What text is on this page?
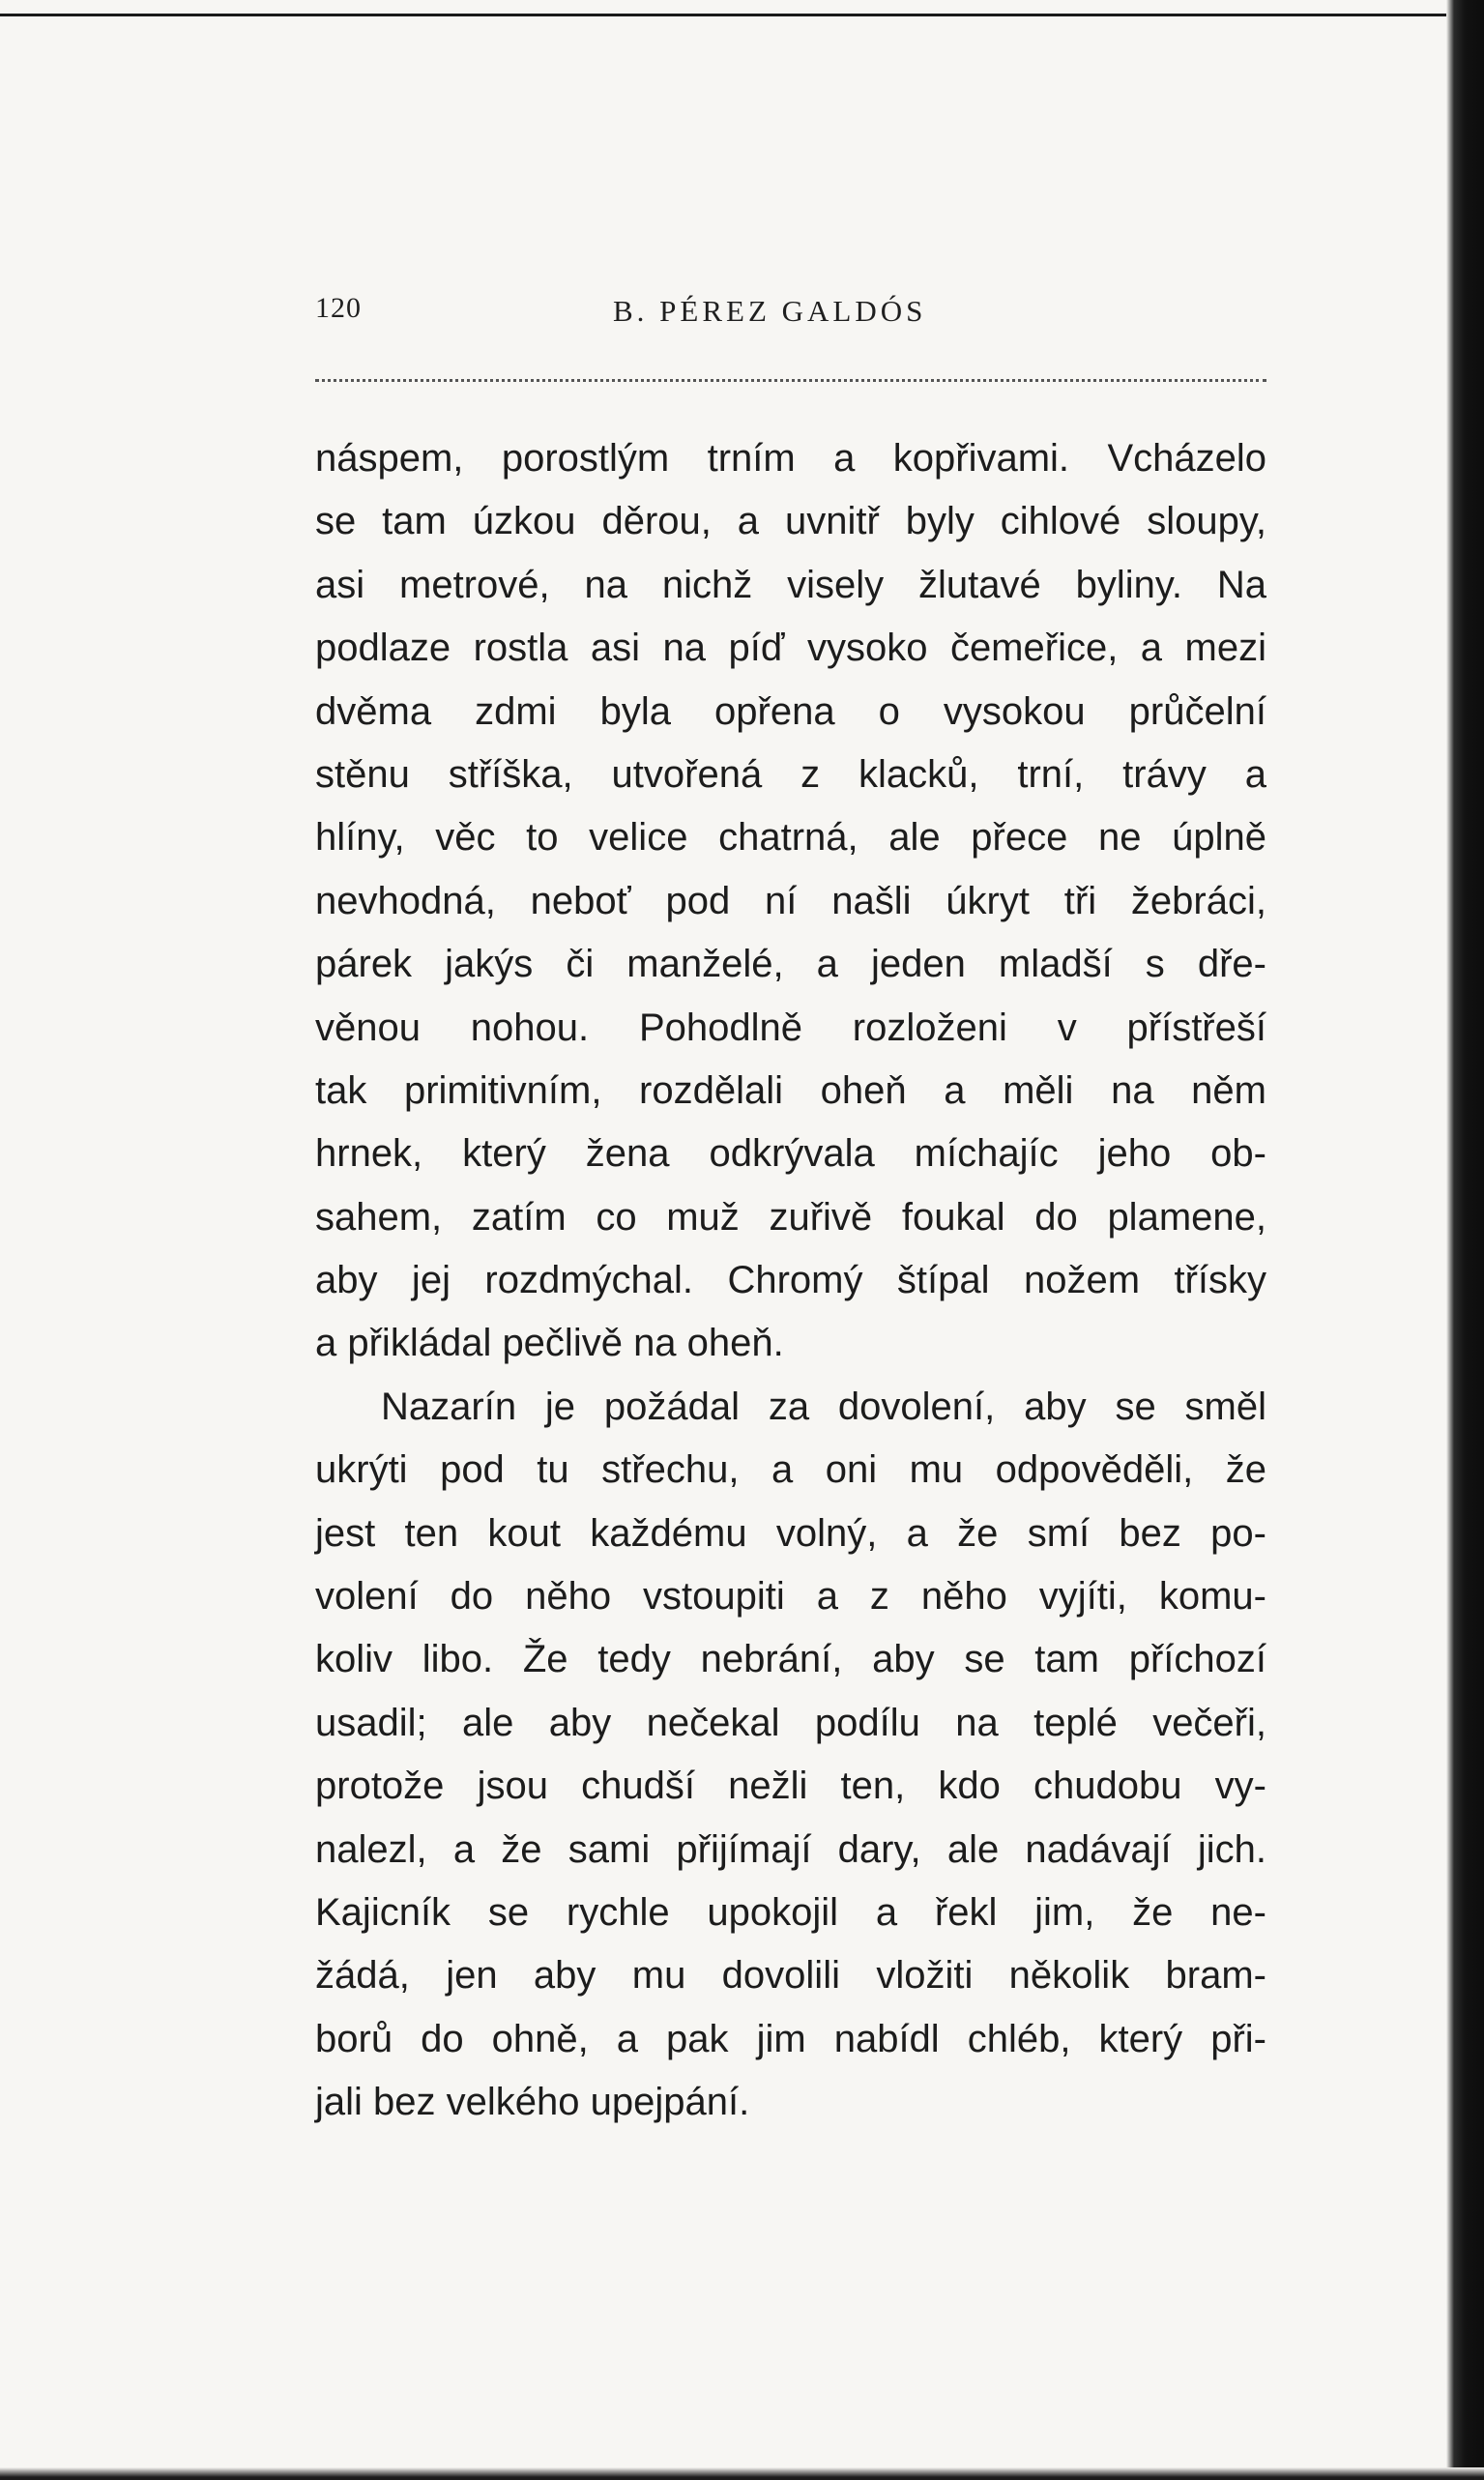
120	B. PÉREZ GALDÓS
náspem, porostlým trním a kopřivami. Vcházelo
se tam úzkou děrou, a uvnitř byly cihlové sloupy,
asi metrové, na nichž visely žlutavé byliny. Na
podlaze rostla asi na píď vysoko čemeřice, a mezi
dvěma zdmi byla opřena o vysokou průčelní
stěnu stříška, utvořená z klacků, trní, trávy a
hlíny, věc to velice chatrná, ale přece ne úplně
nevhodná, neboť pod ní našli úkryt tři žebráci,
párek jakýs či manželé, a jeden mladší s dře-
věnou nohou. Pohodlně rozloženi v přístřeší
tak primitivním, rozdělali oheň a měli na něm
hrnek, který žena odkrývala míchajíc jeho ob-
sahem, zatím co muž zuřivě foukal do plamene,
aby jej rozdmýchal. Chromý štípal nožem třísky
a přikládal pečlivě na oheň.
Nazarín je požádal za dovolení, aby se směl
ukrýti pod tu střechu, a oni mu odpověděli, že
jest ten kout každému volný, a že smí bez po-
volení do něho vstoupiti a z něho vyjíti, komu-
koliv libo. Že tedy nebrání, aby se tam příchozí
usadil; ale aby nečekal podílu na teplé večeři,
protože jsou chudší nežli ten, kdo chudobu vy-
nalezl, a že sami přijímají dary, ale nadávají jich.
Kajicník se rychle upokojil a řekl jim, že ne-
žádá, jen aby mu dovolili vložiti několik bram-
borů do ohně, a pak jim nabídl chléb, který při-
jali bez velkého upejpání.
